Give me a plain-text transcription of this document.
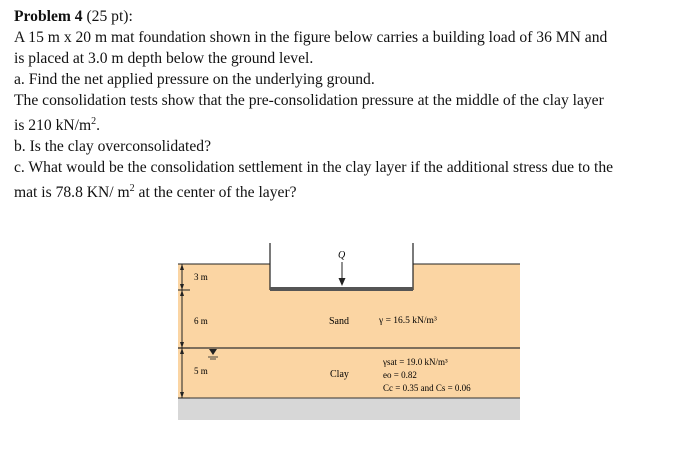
Problem 4 (25 pt):
A 15 m x 20 m mat foundation shown in the figure below carries a building load of 36 MN and
is placed at 3.0 m depth below the ground level.
a. Find the net applied pressure on the underlying ground.
The consolidation tests show that the pre-consolidation pressure at the middle of the clay layer
is 210 $kN/m^2$.
b. Is the clay overconsolidated?
c. What would be the consolidation settlement in the clay layer if the additional stress due to the
mat is 78.8 KN/ $m^2$ at the center of the layer?
Q
3 m
6 m
5 m
Sand
Clay
γ = 16.5 kN/m³
γsat = 19.0 kN/m³
eo = 0.82
Cc = 0.35 and Cs = 0.06
